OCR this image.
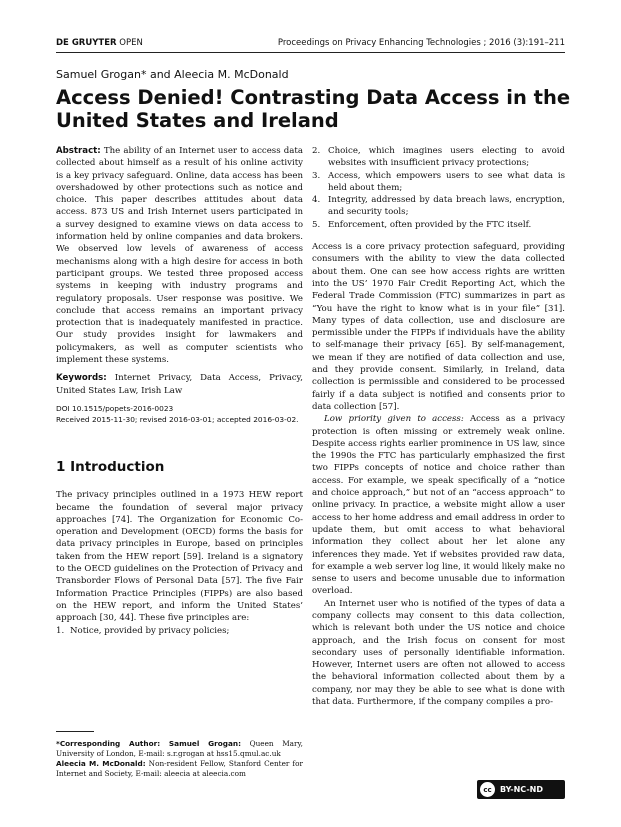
DE GRUYTER OPEN	Proceedings on Privacy Enhancing Technologies ; 2016 (3):191–211
Samuel Grogan* and Aleecia M. McDonald
Access Denied! Contrasting Data Access in the United States and Ireland

Abstract: The ability of an Internet user to access data collected about himself as a result of his online activity is a key privacy safeguard. Online, data access has been overshadowed by other protections such as notice and choice. This paper describes attitudes about data access. 873 US and Irish Internet users participated in a survey designed to examine views on data access to information held by online companies and data brokers. We observed low levels of awareness of access mechanisms along with a high desire for access in both participant groups. We tested three proposed access systems in keeping with industry programs and regulatory proposals. User response was positive. We conclude that access remains an important privacy protection that is inadequately manifested in practice. Our study provides insight for lawmakers and policymakers, as well as computer scientists who implement these systems.

Keywords: Internet Privacy, Data Access, Privacy, United States Law, Irish Law

DOI 10.1515/popets-2016-0023

Received 2015-11-30; revised 2016-03-01; accepted 2016-03-02.

1 Introduction

The privacy principles outlined in a 1973 HEW report became the foundation of several major privacy approaches [74]. The Organization for Economic Co-operation and Development (OECD) forms the basis for data privacy principles in Europe, based on principles taken from the HEW report [59]. Ireland is a signatory to the OECD guidelines on the Protection of Privacy and Transborder Flows of Personal Data [57]. The five Fair Information Practice Principles (FIPPs) are also based on the HEW report, and inform the United States’ approach [30, 44]. These five principles are:

1. Notice, provided by privacy policies;
2. Choice, which imagines users electing to avoid websites with insufficient privacy protections;
3. Access, which empowers users to see what data is held about them;
4. Integrity, addressed by data breach laws, encryption, and security tools;
5. Enforcement, often provided by the FTC itself.

Access is a core privacy protection safeguard, providing consumers with the ability to view the data collected about them. One can see how access rights are written into the US’ 1970 Fair Credit Reporting Act, which the Federal Trade Commission (FTC) summarizes in part as “You have the right to know what is in your file” [31]. Many types of data collection, use and disclosure are permissible under the FIPPs if individuals have the ability to self-manage their privacy [65]. By self-management, we mean if they are notified of data collection and use, and they provide consent. Similarly, in Ireland, data collection is permissible and considered to be processed fairly if a data subject is notified and consents prior to data collection [57].

Low priority given to access: Access as a privacy protection is often missing or extremely weak online. Despite access rights earlier prominence in US law, since the 1990s the FTC has particularly emphasized the first two FIPPs concepts of notice and choice rather than access. For example, we speak specifically of a “notice and choice approach,” but not of an “access approach” to online privacy. In practice, a website might allow a user access to her home address and email address in order to update them, but omit access to what behavioral information they collect about her let alone any inferences they made. Yet if websites provided raw data, for example a web server log line, it would likely make no sense to users and become unusable due to information overload.

An Internet user who is notified of the types of data a company collects may consent to this data collection, which is relevant both under the US notice and choice approach, and the Irish focus on consent for most secondary uses of personally identifiable information. However, Internet users are often not allowed to access the behavioral information collected about them by a company, nor may they be able to see what is done with that data. Furthermore, if the company compiles a pro-

*Corresponding Author: Samuel Grogan: Queen Mary, University of London, E-mail: s.r.grogan at hss15.qmul.ac.uk
Aleecia M. McDonald: Non-resident Fellow, Stanford Center for Internet and Society, E-mail: aleecia at aleecia.com
cc	BY-NC-ND
